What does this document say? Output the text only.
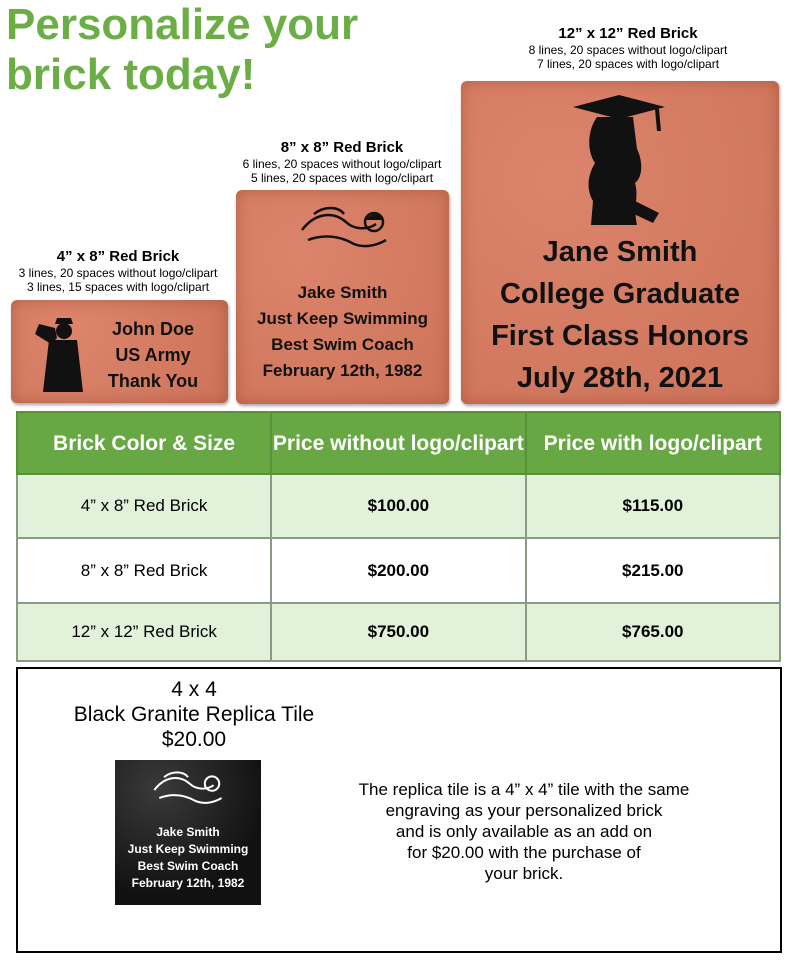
Personalize your
brick today!
4” x 8” Red Brick
3 lines, 20 spaces without logo/clipart
3 lines, 15 spaces with logo/clipart
8” x 8” Red Brick
6 lines, 20 spaces without logo/clipart
5 lines, 20 spaces with logo/clipart
12” x 12” Red Brick
8 lines, 20 spaces without logo/clipart
7 lines, 20 spaces with logo/clipart
John Doe
US Army
Thank You
Jake Smith
Just Keep Swimming
Best Swim Coach
February 12th, 1982
Jane Smith
College Graduate
First Class Honors
July 28th, 2021
Brick Color & Size	Price without logo/clipart	Price with logo/clipart
4” x 8” Red Brick	$100.00	$115.00
8” x 8” Red Brick	$200.00	$215.00
12” x 12” Red Brick	$750.00	$765.00
4 x 4
Black Granite Replica Tile
$20.00
Jake Smith
Just Keep Swimming
Best Swim Coach
February 12th, 1982
The replica tile is a 4” x 4” tile with the same
engraving as your personalized brick
and is only available as an add on
for $20.00 with the purchase of
your brick.
